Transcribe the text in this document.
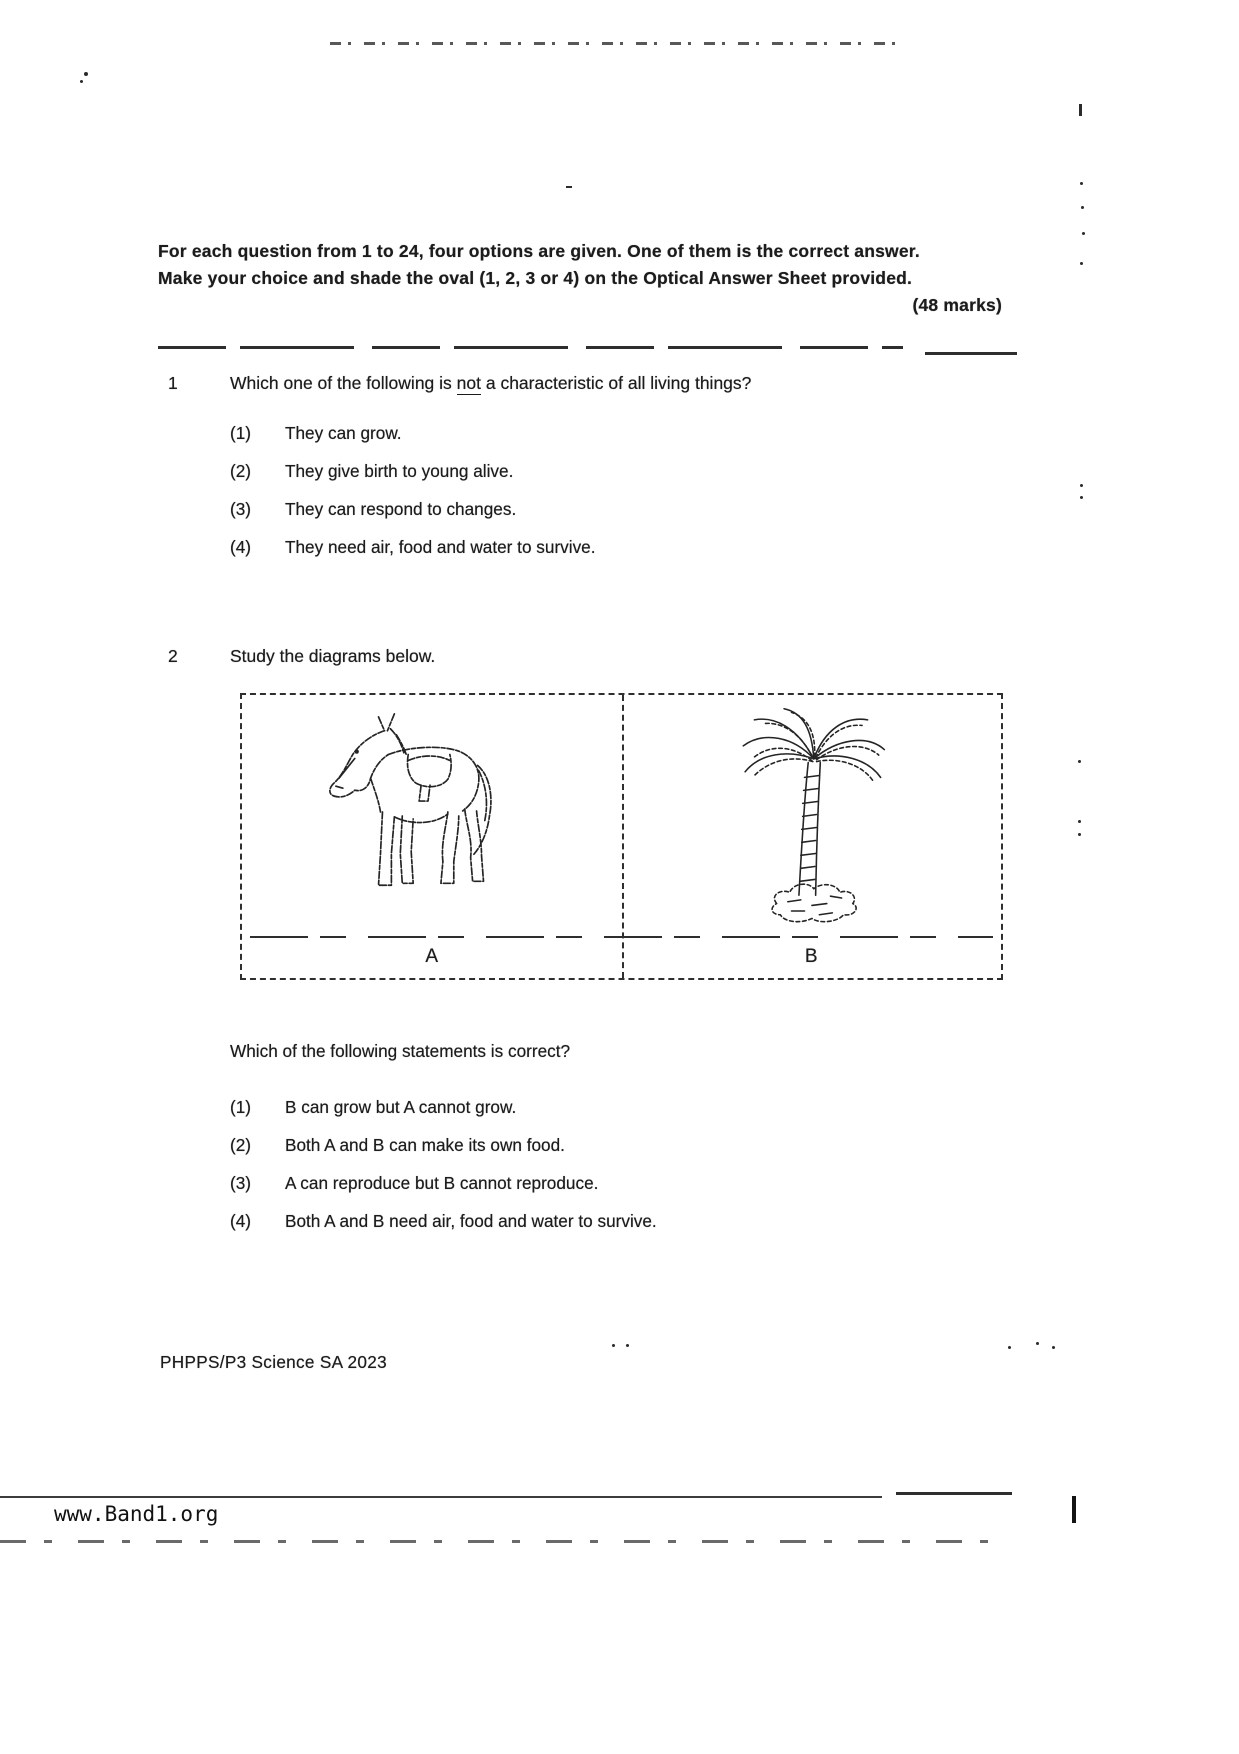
For each question from 1 to 24, four options are given. One of them is the correct answer.
Make your choice and shade the oval (1, 2, 3 or 4) on the Optical Answer Sheet provided.
(48 marks)
1	Which one of the following is not a characteristic of all living things?
(1)	They can grow.
(2)	They give birth to young alive.
(3)	They can respond to changes.
(4)	They need air, food and water to survive.
2	Study the diagrams below.
A	B
Which of the following statements is correct?
(1)	B can grow but A cannot grow.
(2)	Both A and B can make its own food.
(3)	A can reproduce but B cannot reproduce.
(4)	Both A and B need air, food and water to survive.
PHPPS/P3 Science SA 2023
www.Band1.org
